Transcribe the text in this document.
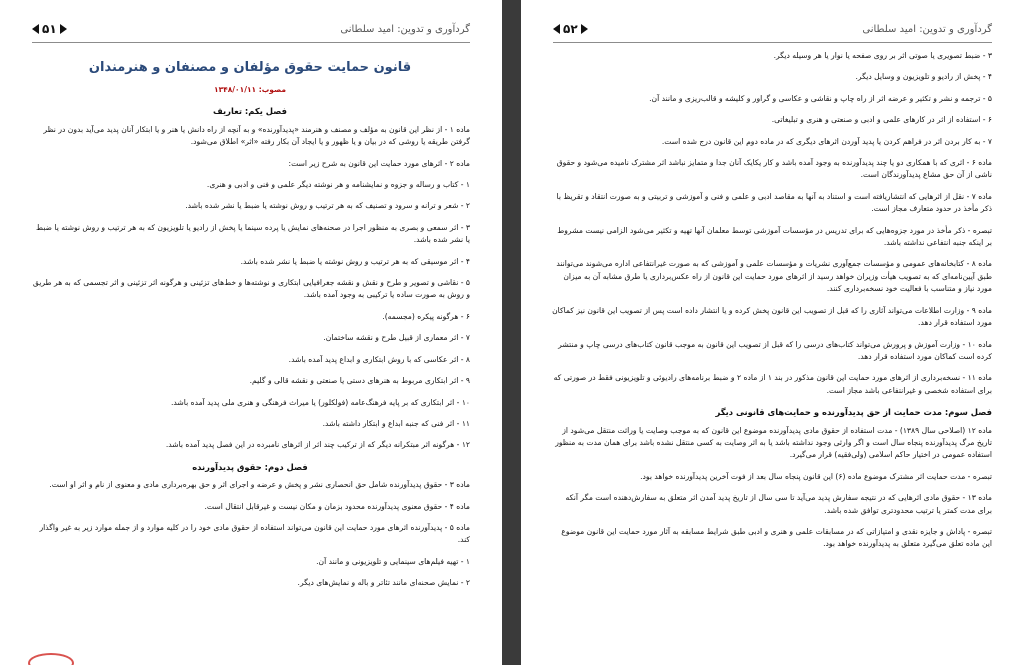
گردآوری و تدوین: امید سلطانی
۵۱
قانون حمایت حقوق مؤلفان و مصنفان و هنرمندان
مصوب: ۱۳۴۸/۰۱/۱۱
فصل یکم: تعاریف

ماده ۱ - از نظر این قانون به مؤلف و مصنف و هنرمند «پدیدآورنده» و به آنچه از راه دانش یا هنر و یا ابتکار آنان پدید می‌آید بدون در نظر گرفتن طریقه یا روشی که در بیان و یا ظهور و یا ایجاد آن بکار رفته «اثر» اطلاق می‌شود.

ماده ۲ - اثرهای مورد حمایت این قانون به شرح زیر است:

۱ - کتاب و رساله و جزوه و نمایشنامه و هر نوشته دیگر علمی و فنی و ادبی و هنری.

۲ - شعر و ترانه و سرود و تصنیف که به هر ترتیب و روش نوشته یا ضبط یا نشر شده باشد.

۳ - اثر سمعی و بصری به منظور اجرا در صحنه‌های نمایش یا پرده سینما یا پخش از رادیو یا تلویزیون که به هر ترتیب و روش نوشته یا ضبط یا نشر شده باشد.

۴ - اثر موسیقی که به هر ترتیب و روش نوشته یا ضبط یا نشر شده باشد.

۵ - نقاشی و تصویر و طرح و نقش و نقشه جغرافیایی ابتکاری و نوشته‌ها و خط‌های تزئینی و هرگونه اثر تزئینی و اثر تجسمی که به هر طریق و روش به صورت ساده یا ترکیبی به وجود آمده باشد.

۶ - هرگونه پیکره (مجسمه).

۷ - اثر معماری از قبیل طرح و نقشه ساختمان.

۸ - اثر عکاسی که با روش ابتکاری و ابداع پدید آمده باشد.

۹ - اثر ابتکاری مربوط به هنرهای دستی یا صنعتی و نقشه قالی و گلیم.

۱۰ - اثر ابتکاری که بر پایه فرهنگ‌عامه (فولکلور) یا میراث فرهنگی و هنری ملی پدید آمده باشد.

۱۱ - اثر فنی که جنبه ابداع و ابتکار داشته باشد.

۱۲ - هرگونه اثر مبتکرانه دیگر که از ترکیب چند اثر از اثرهای نامبرده در این فصل پدید آمده باشد.

فصل دوم: حقوق پدیدآورنده

ماده ۳ - حقوق پدیدآورنده شامل حق انحصاری نشر و پخش و عرضه و اجرای اثر و حق بهره‌برداری مادی و معنوی از نام و اثر او است.

ماده ۴ - حقوق معنوی پدیدآورنده محدود بزمان و مکان نیست و غیرقابل انتقال است.

ماده ۵ - پدیدآورنده اثرهای مورد حمایت این قانون می‌تواند استفاده از حقوق مادی خود را در کلیه موارد و از جمله موارد زیر به غیر واگذار کند.

۱ - تهیه فیلم‌های سینمایی و تلویزیونی و مانند آن.

۲ - نمایش صحنه‌ای مانند تئاتر و باله و نمایش‌های دیگر.

گردآوری و تدوین: امید سلطانی
۵۲

۳ - ضبط تصویری یا صوتی اثر بر روی صفحه یا نوار یا هر وسیله دیگر.

۴ - پخش از رادیو و تلویزیون و وسایل دیگر.

۵ - ترجمه و نشر و تکثیر و عرضه اثر از راه چاپ و نقاشی و عکاسی و گراور و کلیشه و قالب‌ریزی و مانند آن.

۶ - استفاده از اثر در کارهای علمی و ادبی و صنعتی و هنری و تبلیغاتی.

۷ - به کار بردن اثر در فراهم کردن یا پدید آوردن اثرهای دیگری که در ماده دوم این قانون درج شده است.

ماده ۶ - اثری که با همکاری دو یا چند پدیدآورنده به وجود آمده باشد و کار یکایک آنان جدا و متمایز نباشد اثر مشترک نامیده می‌شود و حقوق ناشی از آن حق مشاع پدیدآورندگان است.

ماده ۷ - نقل از اثرهایی که انتشاریافته است و استناد به آنها به مقاصد ادبی و علمی و فنی و آموزشی و تربیتی و به صورت انتقاد و تقریظ با ذکر مأخذ در حدود متعارف مجاز است.

تبصره - ذکر مأخذ در مورد جزوه‌هایی که برای تدریس در مؤسسات آموزشی توسط معلمان آنها تهیه و تکثیر می‌شود الزامی نیست مشروط بر اینکه جنبه انتفاعی نداشته باشد.

ماده ۸ - کتابخانه‌های عمومی و مؤسسات جمع‌آوری نشریات و مؤسسات علمی و آموزشی که به صورت غیرانتفاعی اداره می‌شوند می‌توانند طبق آیین‌نامه‌ای که به تصویب هیأت وزیران خواهد رسید از اثرهای مورد حمایت این قانون از راه عکس‌برداری یا طرق مشابه آن به میزان مورد نیاز و متناسب با فعالیت خود نسخه‌برداری کنند.

ماده ۹ - وزارت اطلاعات می‌تواند آثاری را که قبل از تصویب این قانون پخش کرده و یا انتشار داده است پس از تصویب این قانون نیز کماکان مورد استفاده قرار دهد.

ماده ۱۰ - وزارت آموزش و پرورش می‌تواند کتاب‌های درسی را که قبل از تصویب این قانون به موجب قانون کتاب‌های درسی چاپ و منتشر کرده است کماکان مورد استفاده قرار دهد.

ماده ۱۱ - نسخه‌برداری از اثرهای مورد حمایت این قانون مذکور در بند ۱ از ماده ۲ و ضبط برنامه‌های رادیوئی و تلویزیونی فقط در صورتی که برای استفاده شخصی و غیرانتفاعی باشد مجاز است.

فصل سوم: مدت حمایت از حق پدیدآورنده و حمایت‌های قانونی دیگر

ماده ۱۲ (اصلاحی سال ۱۳۸۹) - مدت استفاده از حقوق مادی پدیدآورنده موضوع این قانون که به موجب وصایت یا وراثت منتقل می‌شود از تاریخ مرگ پدیدآورنده پنجاه سال است و اگر وارثی وجود نداشته باشد یا به اثر وصایت به کسی منتقل نشده باشد برای همان مدت به منظور استفاده عمومی در اختیار حاکم اسلامی (ولی‌فقیه) قرار می‌گیرد.

تبصره - مدت حمایت اثر مشترک موضوع ماده (۶) این قانون پنجاه سال بعد از فوت آخرین پدیدآورنده خواهد بود.

ماده ۱۳ - حقوق مادی اثرهایی که در نتیجه سفارش پدید می‌آید تا سی سال از تاریخ پدید آمدن اثر متعلق به سفارش‌دهنده است مگر آنکه برای مدت کمتر یا ترتیب محدودتری توافق شده باشد.

تبصره - پاداش و جایزه نقدی و امتیازاتی که در مسابقات علمی و هنری و ادبی طبق شرایط مسابقه به آثار مورد حمایت این قانون موضوع این ماده تعلق می‌گیرد متعلق به پدیدآورنده خواهد بود.
